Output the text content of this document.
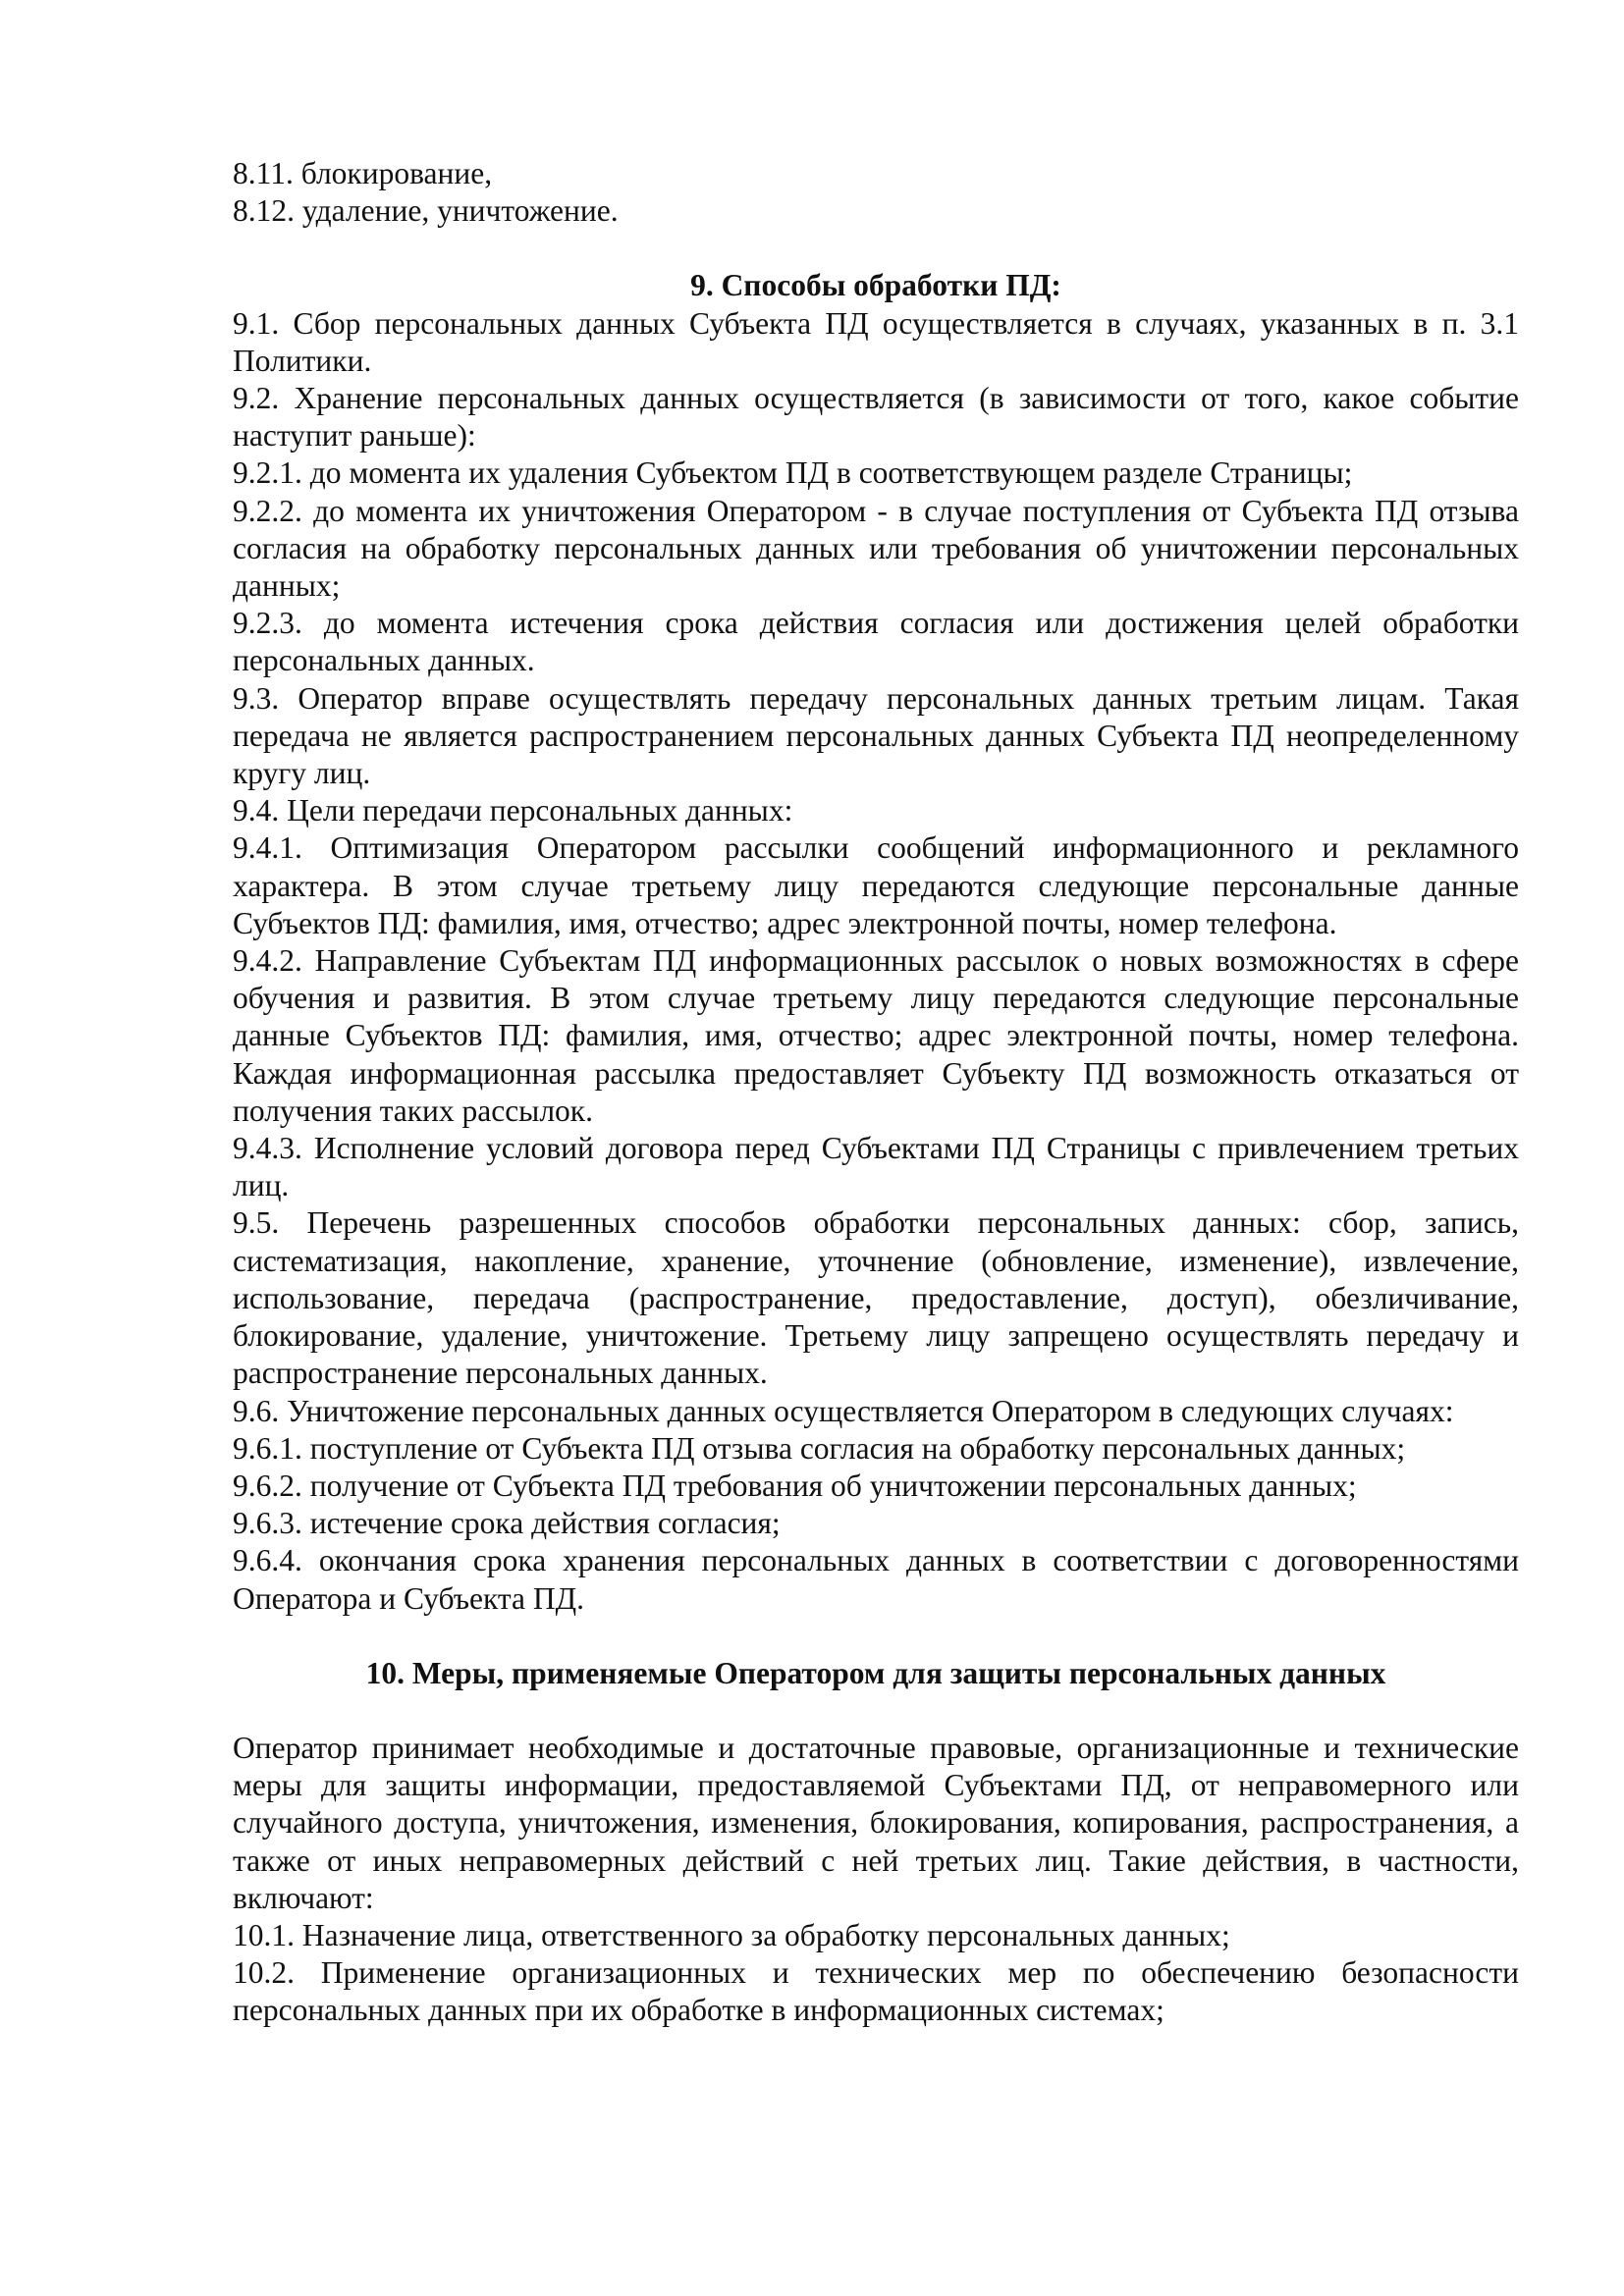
8.11. блокирование,
8.12. удаление, уничтожение.
9. Способы обработки ПД:
9.1. Сбор персональных данных Субъекта ПД осуществляется в случаях, указанных в п. 3.1 Политики.
9.2. Хранение персональных данных осуществляется (в зависимости от того, какое событие наступит раньше):
9.2.1. до момента их удаления Субъектом ПД в соответствующем разделе Страницы;
9.2.2. до момента их уничтожения Оператором - в случае поступления от Субъекта ПД отзыва согласия на обработку персональных данных или требования об уничтожении персональных данных;
9.2.3. до момента истечения срока действия согласия или достижения целей обработки персональных данных.
9.3. Оператор вправе осуществлять передачу персональных данных третьим лицам. Такая передача не является распространением персональных данных Субъекта ПД неопределенному кругу лиц.
9.4. Цели передачи персональных данных:
9.4.1. Оптимизация Оператором рассылки сообщений информационного и рекламного характера. В этом случае третьему лицу передаются следующие персональные данные Субъектов ПД: фамилия, имя, отчество; адрес электронной почты, номер телефона.
9.4.2. Направление Субъектам ПД информационных рассылок о новых возможностях в сфере обучения и развития. В этом случае третьему лицу передаются следующие персональные данные Субъектов ПД: фамилия, имя, отчество; адрес электронной почты, номер телефона. Каждая информационная рассылка предоставляет Субъекту ПД возможность отказаться от получения таких рассылок.
9.4.3. Исполнение условий договора перед Субъектами ПД Страницы с привлечением третьих лиц.
9.5. Перечень разрешенных способов обработки персональных данных: сбор, запись, систематизация, накопление, хранение, уточнение (обновление, изменение), извлечение, использование, передача (распространение, предоставление, доступ), обезличивание, блокирование, удаление, уничтожение. Третьему лицу запрещено осуществлять передачу и распространение персональных данных.
9.6. Уничтожение персональных данных осуществляется Оператором в следующих случаях:
9.6.1. поступление от Субъекта ПД отзыва согласия на обработку персональных данных;
9.6.2. получение от Субъекта ПД требования об уничтожении персональных данных;
9.6.3. истечение срока действия согласия;
9.6.4. окончания срока хранения персональных данных в соответствии с договоренностями Оператора и Субъекта ПД.
10. Меры, применяемые Оператором для защиты персональных данных
Оператор принимает необходимые и достаточные правовые, организационные и технические меры для защиты информации, предоставляемой Субъектами ПД, от неправомерного или случайного доступа, уничтожения, изменения, блокирования, копирования, распространения, а также от иных неправомерных действий с ней третьих лиц. Такие действия, в частности, включают:
10.1. Назначение лица, ответственного за обработку персональных данных;
10.2. Применение организационных и технических мер по обеспечению безопасности персональных данных при их обработке в информационных системах;
